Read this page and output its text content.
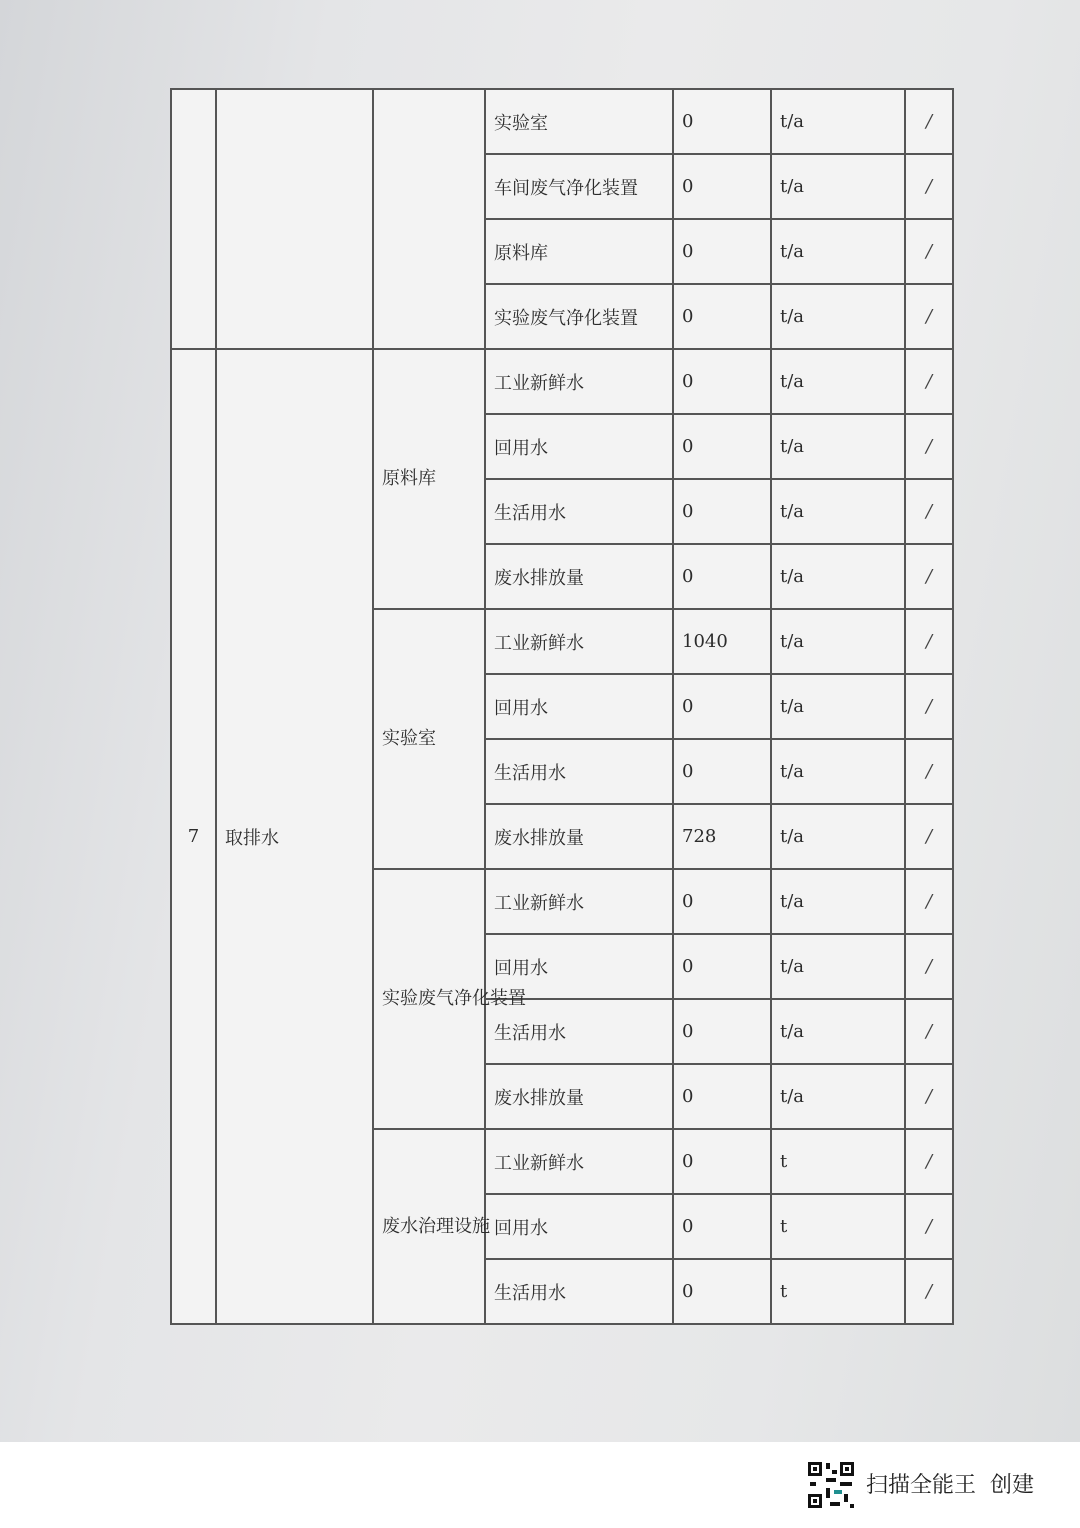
			实验室	0	t/a	/
			车间废气净化装置	0	t/a	/
			原料库	0	t/a	/
			实验废气净化装置	0	t/a	/
7	取排水	原料库	工业新鲜水	0	t/a	/
			回用水	0	t/a	/
			生活用水	0	t/a	/
			废水排放量	0	t/a	/
		实验室	工业新鲜水	1040	t/a	/
			回用水	0	t/a	/
			生活用水	0	t/a	/
			废水排放量	728	t/a	/
		实验废气净化装置	工业新鲜水	0	t/a	/
			回用水	0	t/a	/
			生活用水	0	t/a	/
			废水排放量	0	t/a	/
		废水治理设施	工业新鲜水	0	t	/
			回用水	0	t	/
			生活用水	0	t	/
扫描全能王  创建
